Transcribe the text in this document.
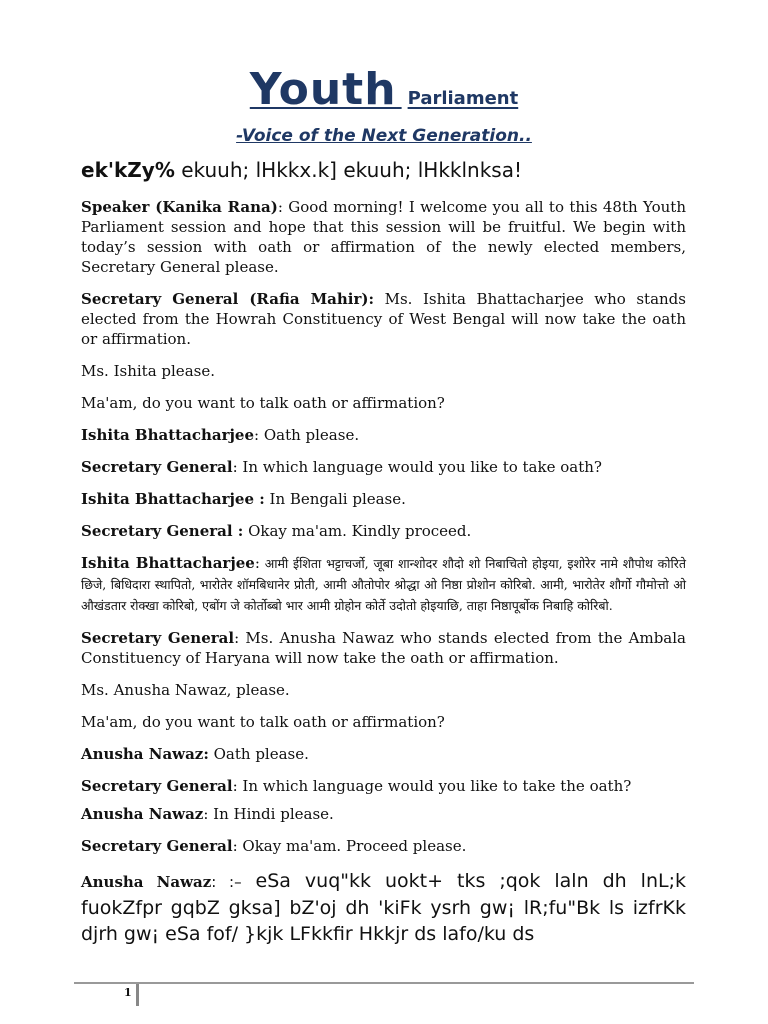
Youth Parliament
-Voice of the Next Generation..
ek'kZy% ekuuh; lHkkx.k] ekuuh; lHkklnksa!

Speaker (Kanika Rana): Good morning! I welcome you all to this 48th Youth Parliament session and hope that this session will be fruitful. We begin with today’s session with oath or affirmation of the newly elected members, Secretary General please.

Secretary General (Rafia Mahir): Ms. Ishita Bhattacharjee who stands elected from the Howrah Constituency of West Bengal will now take the oath or affirmation.

Ms. Ishita please.

Ma'am, do you want to talk oath or affirmation?

Ishita Bhattacharjee: Oath please.

Secretary General: In which language would you like to take oath?

Ishita Bhattacharjee : In Bengali please.

Secretary General : Okay ma'am. Kindly proceed.

Ishita Bhattacharjee: आमी ईशिता भट्टाचर्जो, जूबा शान्शोदर शौदो शो निबाचितो होइया, इशोरेर नामे शौपोथ कोरिते छिजे, बिधिदारा स्थापितो, भारोतेर शॉमबिधानेर प्रोती, आमी औतोपोर श्रोद्धा ओ निष्ठा प्रोशोन कोरिबो. आमी, भारोतेर शौर्गो गौमोत्तो ओ औखंडतार रोक्खा कोरिबो, एबोंग जे कोर्तोब्बो भार आमी ग्रोहोन कोर्ते उदोतो होइयाछि, ताहा निष्ठापूर्बोक निबाहि कोरिबो.

Secretary General: Ms. Anusha Nawaz who stands elected from the Ambala Constituency of Haryana will now take the oath or affirmation.

Ms. Anusha Nawaz, please.

Ma'am, do you want to talk oath or affirmation?

Anusha Nawaz: Oath please.

Secretary General: In which language would you like to take the oath?

Anusha Nawaz: In Hindi please.

Secretary General: Okay ma'am. Proceed please.

Anusha Nawaz: :– eSa vuq"kk uokt+ tks ;qok laln dh lnL;k fuokZfpr gqbZ gksa] bZ'oj dh 'kiFk ysrh gw¡ lR;fu"Bk ls izfrKk djrh gw¡ eSa fof/ }kjk LFkkfir Hkkjr ds lafo/ku ds

1
